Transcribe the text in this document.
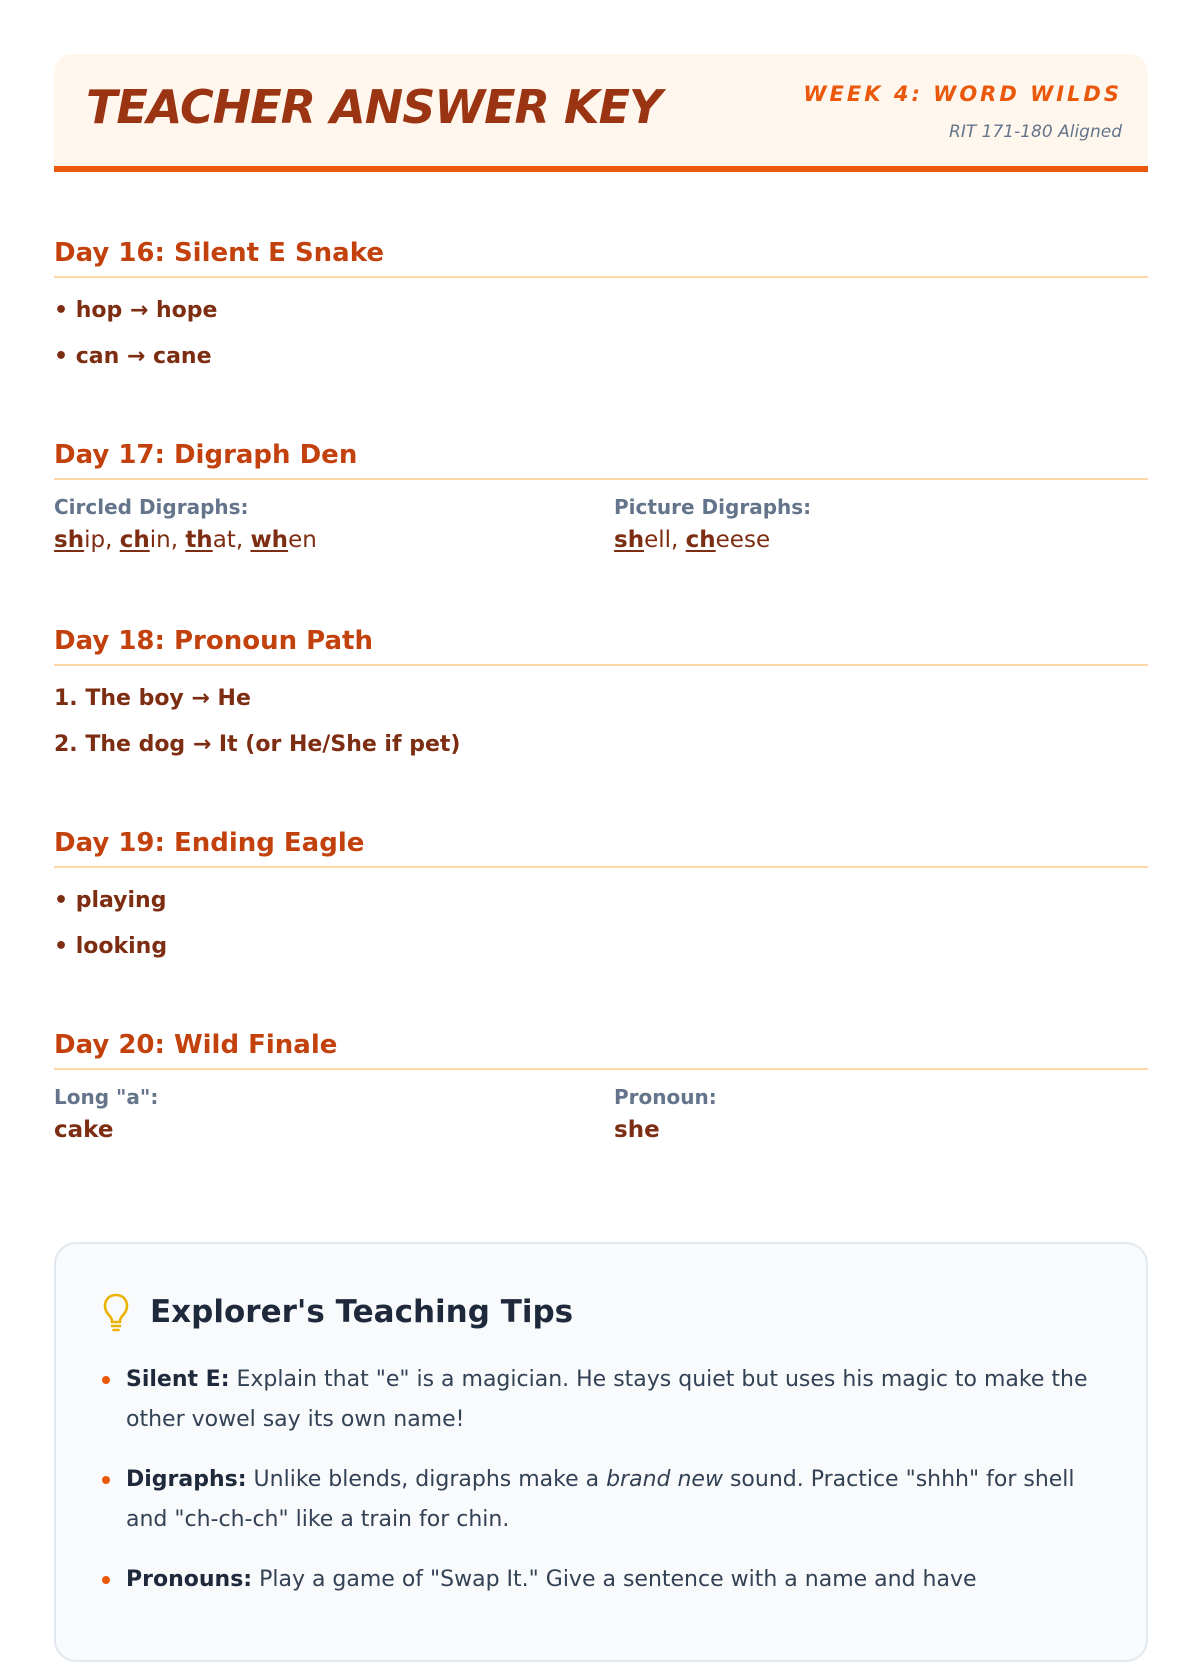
TEACHER ANSWER KEY	WEEK 4: WORD WILDS
RIT 171-180 Aligned
Day 16: Silent E Snake
• hop → hope
• can → cane
Day 17: Digraph Den
Circled Digraphs:
ship, chin, that, when
Picture Digraphs:
shell, cheese
Day 18: Pronoun Path
1. The boy → He
2. The dog → It (or He/She if pet)
Day 19: Ending Eagle
• playing
• looking
Day 20: Wild Finale
Long "a":
cake
Pronoun:
she
Explorer's Teaching Tips
Silent E: Explain that "e" is a magician. He stays quiet but uses his magic to make the other vowel say its own name!
Digraphs: Unlike blends, digraphs make a brand new sound. Practice "shhh" for shell and "ch-ch-ch" like a train for chin.
Pronouns: Play a game of "Swap It." Give a sentence with a name and have
